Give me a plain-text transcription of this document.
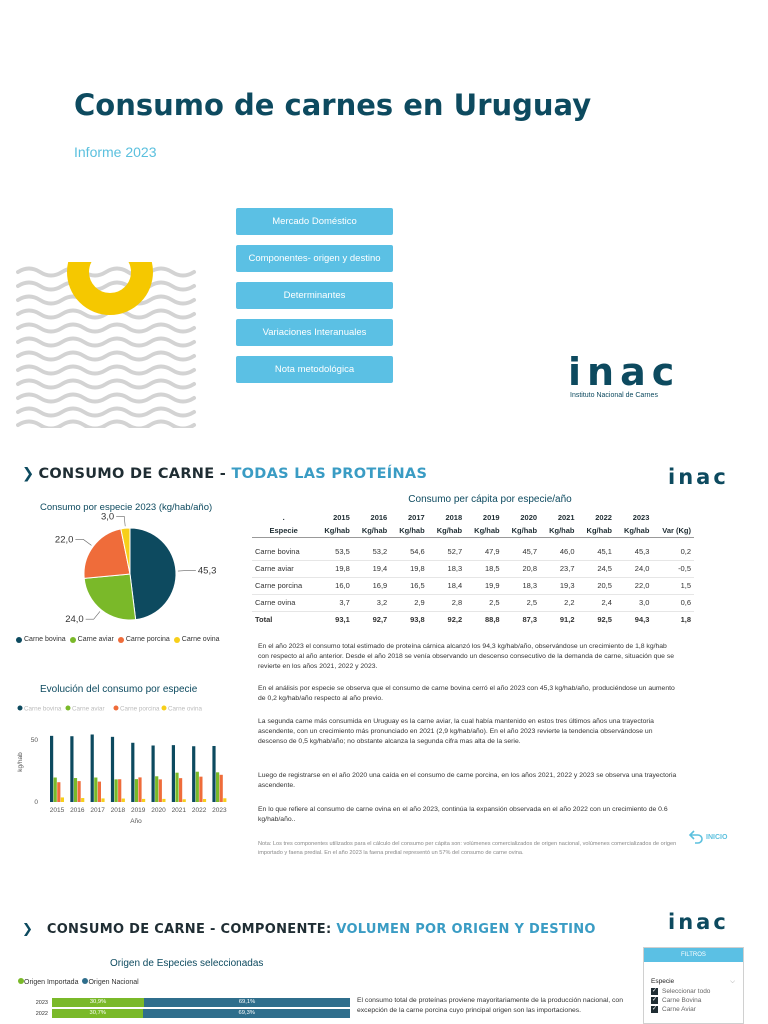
Consumo de carnes en Uruguay
Informe 2023
Mercado Doméstico
Componentes- origen y destino
Determinantes
Variaciones Interanuales
Nota metodológica	inac
Instituto Nacional de Carnes
❯ CONSUMO DE CARNE - TODAS LAS PROTEÍNAS	inac
Consumo por especie 2023 (kg/hab/año)
45,3
24,0
22,0
3,0
Carne bovina Carne aviar Carne porcina Carne ovina
Consumo per cápita por especie/año
.	2015	2016	2017	2018	2019	2020	2021	2022	2023	
Especie	Kg/hab	Kg/hab	Kg/hab	Kg/hab	Kg/hab	Kg/hab	Kg/hab	Kg/hab	Kg/hab	Var (Kg)

Carne bovina	53,5	53,2	54,6	52,7	47,9	45,7	46,0	45,1	45,3	0,2
Carne aviar	19,8	19,4	19,8	18,3	18,5	20,8	23,7	24,5	24,0	-0,5
Carne porcina	16,0	16,9	16,5	18,4	19,9	18,3	19,3	20,5	22,0	1,5
Carne ovina	3,7	3,2	2,9	2,8	2,5	2,5	2,2	2,4	3,0	0,6
Total	93,1	92,7	93,8	92,2	88,8	87,3	91,2	92,5	94,3	1,8
Evolución del consumo por especie
Carne bovina Carne aviar Carne porcina Carne ovina
0
50
kg/hab
2015 2016 2017 2018 2019 2020 2021 2022 2023
Año
En el año 2023 el consumo total estimado de proteína cárnica alcanzó los 94,3 kg/hab/año, observándose un crecimiento de 1,8 kg/hab con respecto al año anterior. Desde el año 2018 se venía observando un descenso consecutivo de la demanda de carne, situación que se revierte en los años 2021, 2022 y 2023.
En el análisis por especie se observa que el consumo de carne bovina cerró el año 2023 con 45,3 kg/hab/año, produciéndose un aumento de 0,2 kg/hab/año respecto al año previo.
La segunda carne más consumida en Uruguay es la carne aviar, la cual había mantenido en estos tres últimos años una trayectoria ascendente, con un crecimiento más pronunciado en 2021 (2,9 kg/hab/año). En el año 2023 revierte la tendencia observándose un descenso de 0,5 kg/hab/año; no obstante alcanza la segunda cifra mas alta de la serie.
Luego de registrarse en el año 2020 una caída en el consumo de carne porcina, en los años 2021, 2022 y 2023 se observa una trayectoria ascendente.
En lo que refiere al consumo de carne ovina en el año 2023, continúa la expansión observada en el año 2022 con un crecimiento de 0.6 kg/hab/año..
Nota: Los tres componentes utilizados para el cálculo del consumo per cápita son: volúmenes comercializados de origen nacional, volúmenes comercializados de origen importado y faena predial. En el año 2023 la faena predial representó un 57% del consumo de carne ovina.
INICIO
❯ CONSUMO DE CARNE - COMPONENTE: VOLUMEN POR ORIGEN Y DESTINO	inac
Origen de Especies seleccionadas
Origen Importada	Origen Nacional
2023	30,9%	69,1%
2022	30,7%	69,3%
El consumo total de proteínas proviene mayoritariamente de la producción nacional, con excepción de la carne porcina cuyo principal origen son las importaciones.
FILTROS
Especie	⌵
✓ Seleccionar todo
✓ Carne Bovina
✓ Carne Aviar
